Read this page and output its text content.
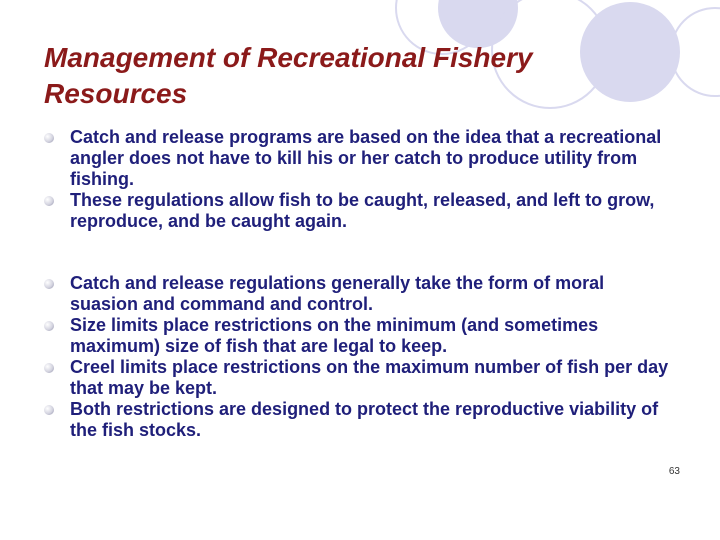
Management of Recreational Fishery Resources
Catch and release programs are based on the idea that a recreational angler does not have to kill his or her catch to produce utility from fishing.
These regulations allow fish to be caught, released, and left to grow, reproduce, and be caught again.
Catch and release regulations generally take the form of moral suasion and command and control.
Size limits place restrictions on the minimum (and sometimes maximum) size of fish that are legal to keep.
Creel limits place restrictions on the maximum number of fish per day that may be kept.
Both restrictions are designed to protect the reproductive viability of the fish stocks.
63
